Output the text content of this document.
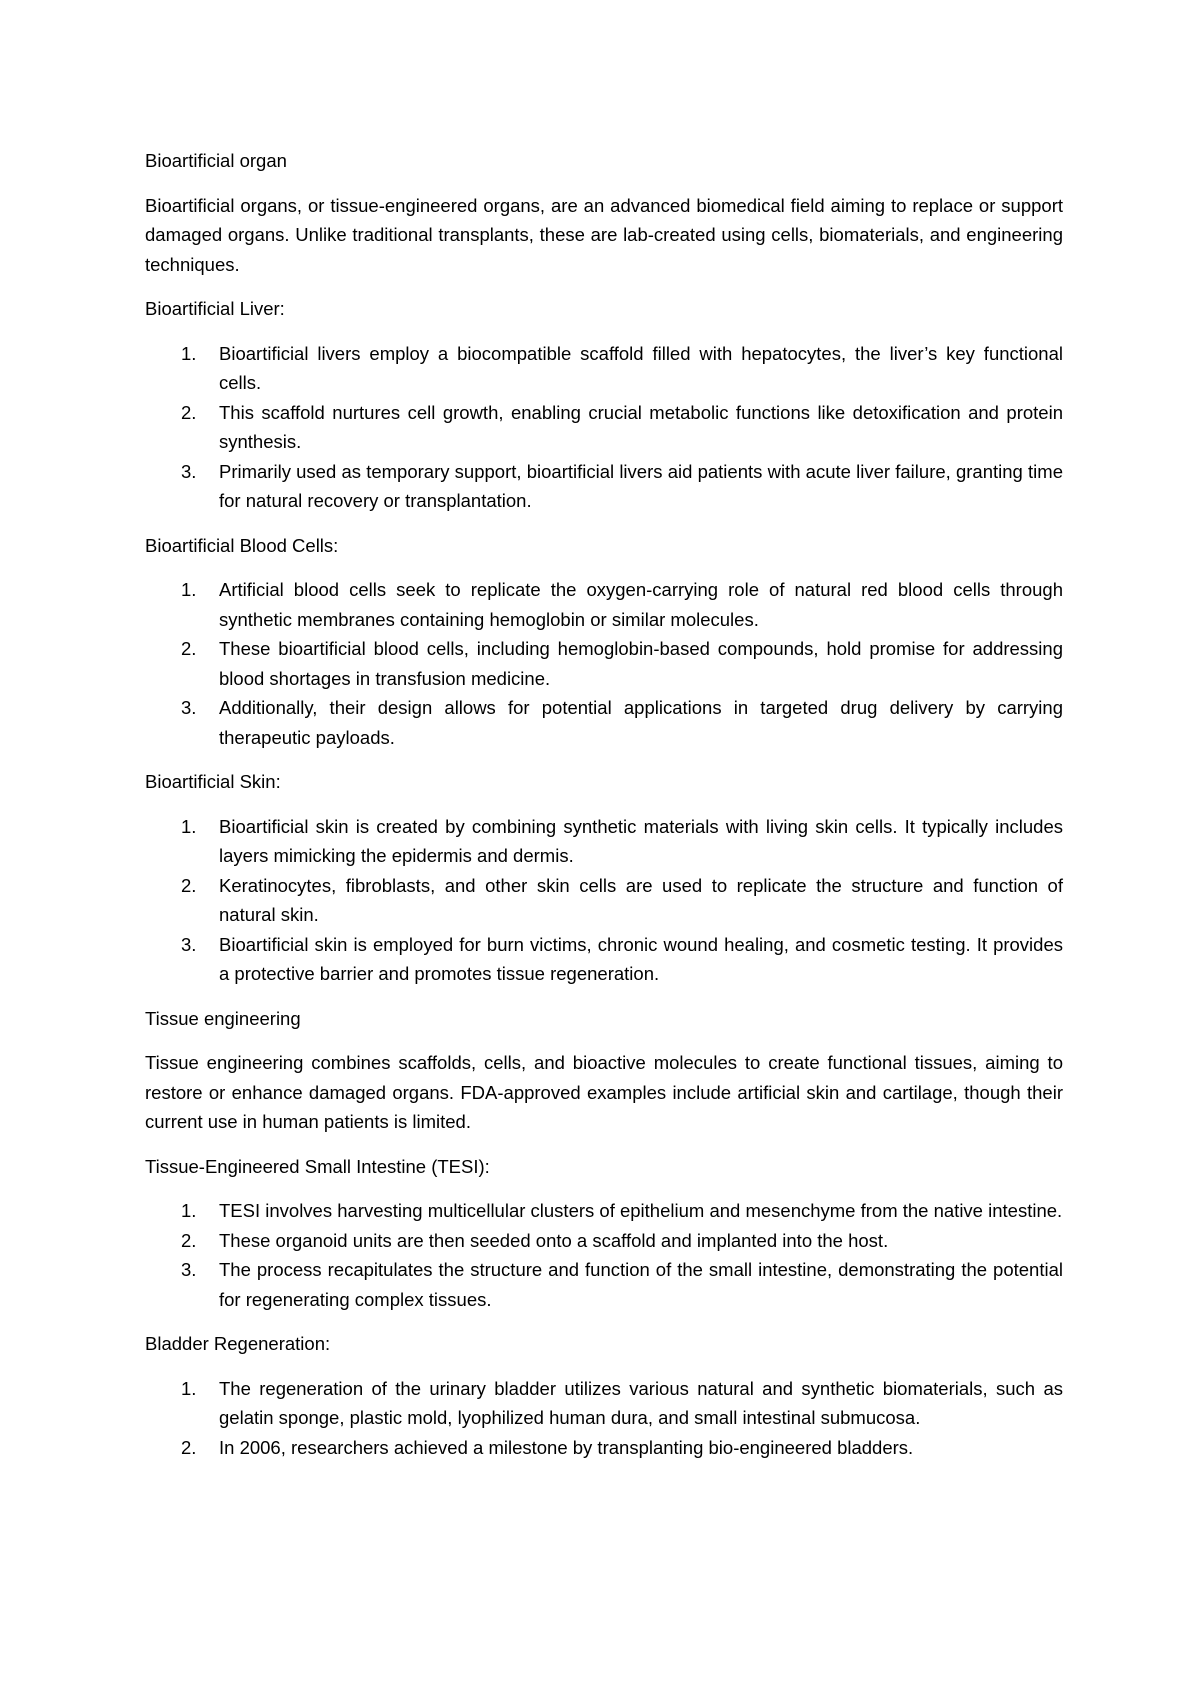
Bioartificial organ

Bioartificial organs, or tissue-engineered organs, are an advanced biomedical field aiming to replace or support damaged organs. Unlike traditional transplants, these are lab-created using cells, biomaterials, and engineering techniques.

Bioartificial Liver:

1. Bioartificial livers employ a biocompatible scaffold filled with hepatocytes, the liver’s key functional cells.
2. This scaffold nurtures cell growth, enabling crucial metabolic functions like detoxification and protein synthesis.
3. Primarily used as temporary support, bioartificial livers aid patients with acute liver failure, granting time for natural recovery or transplantation.

Bioartificial Blood Cells:

1. Artificial blood cells seek to replicate the oxygen-carrying role of natural red blood cells through synthetic membranes containing hemoglobin or similar molecules.
2. These bioartificial blood cells, including hemoglobin-based compounds, hold promise for addressing blood shortages in transfusion medicine.
3. Additionally, their design allows for potential applications in targeted drug delivery by carrying therapeutic payloads.

Bioartificial Skin:

1. Bioartificial skin is created by combining synthetic materials with living skin cells. It typically includes layers mimicking the epidermis and dermis.
2. Keratinocytes, fibroblasts, and other skin cells are used to replicate the structure and function of natural skin.
3. Bioartificial skin is employed for burn victims, chronic wound healing, and cosmetic testing. It provides a protective barrier and promotes tissue regeneration.

Tissue engineering

Tissue engineering combines scaffolds, cells, and bioactive molecules to create functional tissues, aiming to restore or enhance damaged organs. FDA-approved examples include artificial skin and cartilage, though their current use in human patients is limited.

Tissue-Engineered Small Intestine (TESI):

1. TESI involves harvesting multicellular clusters of epithelium and mesenchyme from the native intestine.
2. These organoid units are then seeded onto a scaffold and implanted into the host.
3. The process recapitulates the structure and function of the small intestine, demonstrating the potential for regenerating complex tissues.

Bladder Regeneration:

1. The regeneration of the urinary bladder utilizes various natural and synthetic biomaterials, such as gelatin sponge, plastic mold, lyophilized human dura, and small intestinal submucosa.
2. In 2006, researchers achieved a milestone by transplanting bio-engineered bladders.
